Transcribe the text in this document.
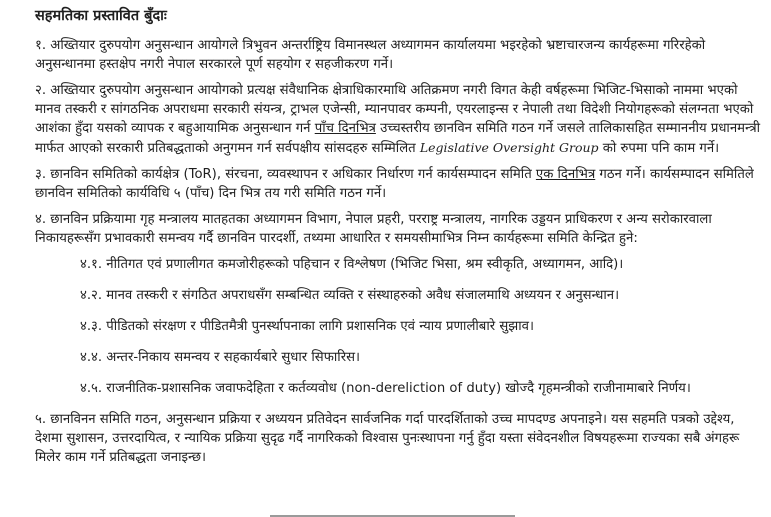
सहमतिका प्रस्तावित बुँदाः

१. अख्तियार दुरुपयोग अनुसन्धान आयोगले त्रिभुवन अन्तर्राष्ट्रिय विमानस्थल अध्यागमन कार्यालयमा भइरहेको भ्रष्टाचारजन्य कार्यहरूमा गरिरहेको अनुसन्धानमा हस्तक्षेप नगरी नेपाल सरकारले पूर्ण सहयोग र सहजीकरण गर्ने।

२. अख्तियार दुरुपयोग अनुसन्धान आयोगको प्रत्यक्ष संवैधानिक क्षेत्राधिकारमाथि अतिक्रमण नगरी विगत केही वर्षहरूमा भिजिट-भिसाको नाममा भएको मानव तस्करी र सांगठनिक अपराधमा सरकारी संयन्त्र, ट्राभल एजेन्सी, म्यानपावर कम्पनी, एयरलाइन्स र नेपाली तथा विदेशी नियोगहरूको संलग्नता भएको आशंका हुँदा यसको व्यापक र बहुआयामिक अनुसन्धान गर्न पाँच दिनभित्र उच्चस्तरीय छानविन समिति गठन गर्ने जसले तालिकासहित सम्माननीय प्रधानमन्त्री मार्फत आएको सरकारी प्रतिबद्धताको अनुगमन गर्न सर्वपक्षीय सांसदहरु सम्मिलित Legislative Oversight Group को रुपमा पनि काम गर्ने।

३. छानविन समितिको कार्यक्षेत्र (ToR), संरचना, व्यवस्थापन र अधिकार निर्धारण गर्न कार्यसम्पादन समिति एक दिनभित्र गठन गर्ने। कार्यसम्पादन समितिले छानविन समितिको कार्यविधि ५ (पाँच) दिन भित्र तय गरी समिति गठन गर्ने।

४. छानविन प्रक्रियामा गृह मन्त्रालय मातहतका अध्यागमन विभाग, नेपाल प्रहरी, परराष्ट्र मन्त्रालय, नागरिक उड्डयन प्राधिकरण र अन्य सरोकारवाला निकायहरूसँग प्रभावकारी समन्वय गर्दै छानविन पारदर्शी, तथ्यमा आधारित र समयसीमाभित्र निम्न कार्यहरूमा समिति केन्द्रित हुने:

४.१. नीतिगत एवं प्रणालीगत कमजोरीहरूको पहिचान र विश्लेषण (भिजिट भिसा, श्रम स्वीकृति, अध्यागमन, आदि)।
४.२. मानव तस्करी र संगठित अपराधसँग सम्बन्धित व्यक्ति र संस्थाहरुको अवैध संजालमाथि अध्ययन र अनुसन्धान।
४.३. पीडितको संरक्षण र पीडितमैत्री पुनर्स्थापनाका लागि प्रशासनिक एवं न्याय प्रणालीबारे सुझाव।
४.४. अन्तर-निकाय समन्वय र सहकार्यबारे सुधार सिफारिस।
४.५. राजनीतिक-प्रशासनिक जवाफदेहिता र कर्तव्यवोध (non-dereliction of duty) खोज्दै गृहमन्त्रीको राजीनामाबारे निर्णय।

५. छानविनन समिति गठन, अनुसन्धान प्रक्रिया र अध्ययन प्रतिवेदन सार्वजनिक गर्दा पारदर्शिताको उच्च मापदण्ड अपनाइने। यस सहमति पत्रको उद्देश्य, देशमा सुशासन, उत्तरदायित्व, र न्यायिक प्रक्रिया सुदृढ गर्दै नागरिकको विश्वास पुनःस्थापना गर्नु हुँदा यस्ता संवेदनशील विषयहरूमा राज्यका सबै अंगहरू मिलेर काम गर्ने प्रतिबद्धता जनाइन्छ।
